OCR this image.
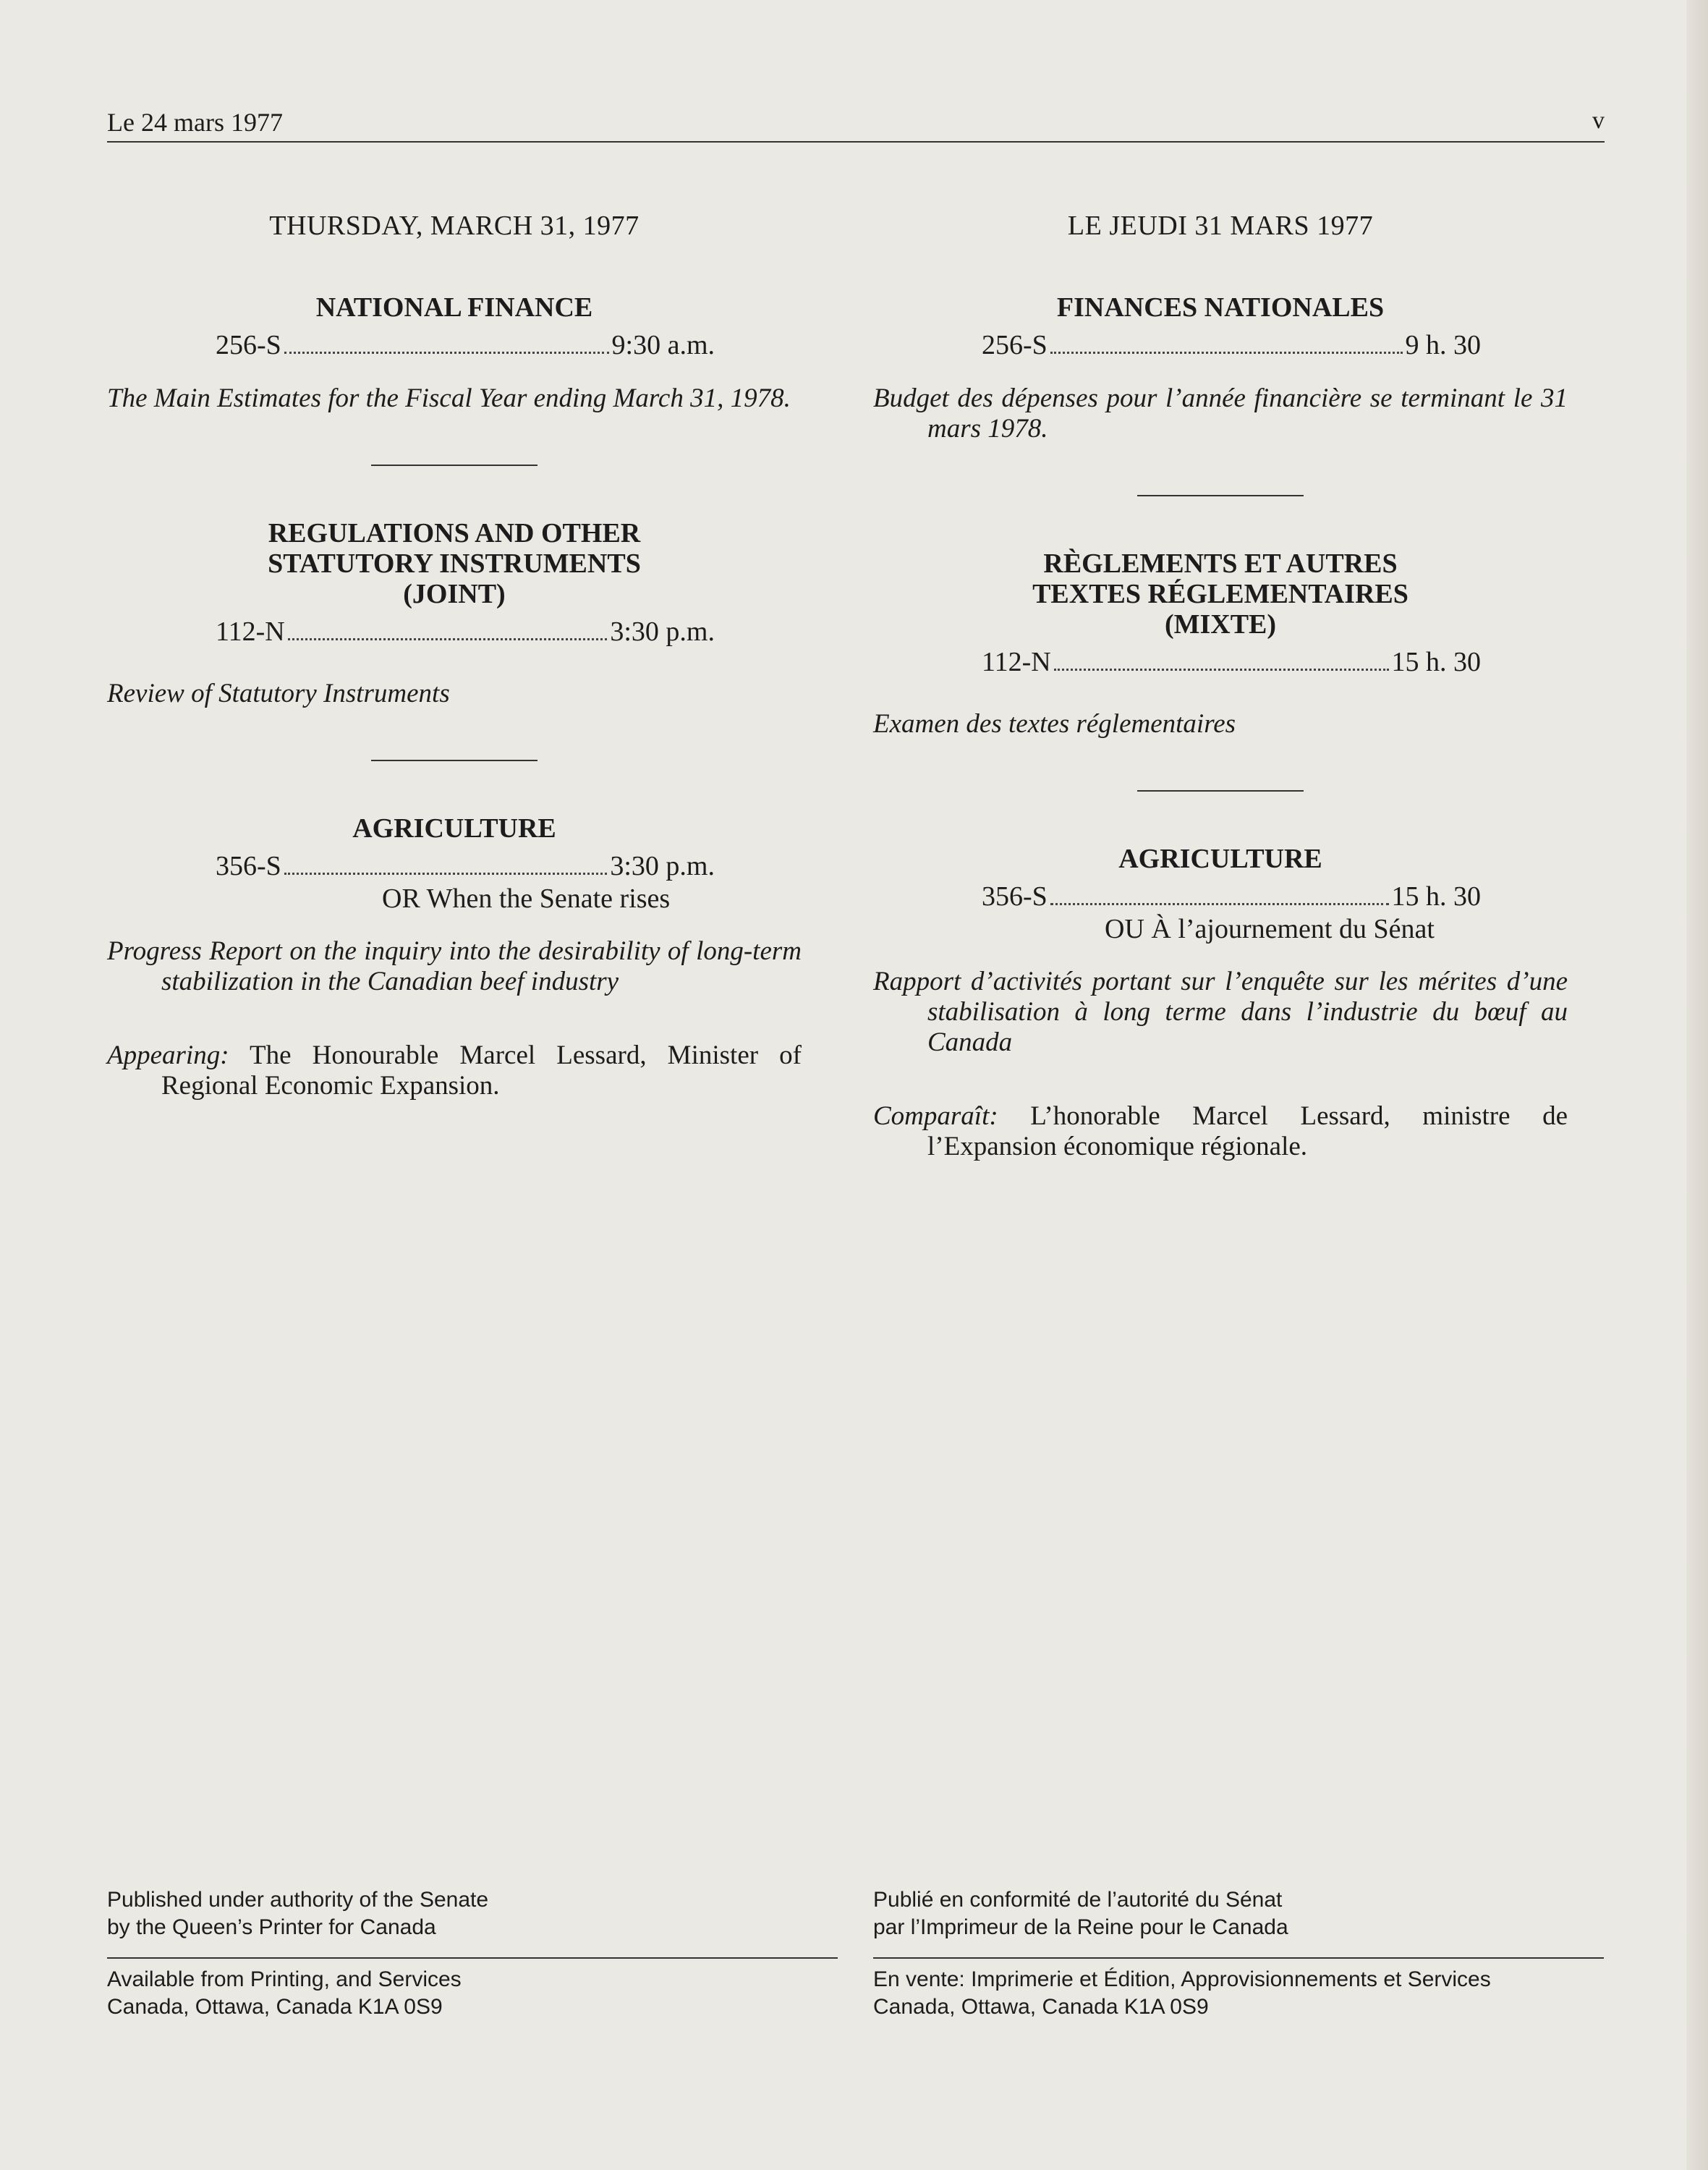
Le 24 mars 1977	v
THURSDAY, MARCH 31, 1977
NATIONAL FINANCE
256-S	9:30 a.m.
The Main Estimates for the Fiscal Year ending March 31, 1978.
REGULATIONS AND OTHER
STATUTORY INSTRUMENTS
(JOINT)
112-N	3:30 p.m.
Review of Statutory Instruments
AGRICULTURE
356-S	3:30 p.m.
OR When the Senate rises
Progress Report on the inquiry into the desirability of long-term stabilization in the Canadian beef industry
Appearing: The Honourable Marcel Lessard, Minister of Regional Economic Expansion.
LE JEUDI 31 MARS 1977
FINANCES NATIONALES
256-S	9 h. 30
Budget des dépenses pour l’année financière se terminant le 31 mars 1978.
RÈGLEMENTS ET AUTRES
TEXTES RÉGLEMENTAIRES
(MIXTE)
112-N	15 h. 30
Examen des textes réglementaires
AGRICULTURE
356-S	15 h. 30
OU À l’ajournement du Sénat
Rapport d’activités portant sur l’enquête sur les mérites d’une stabilisation à long terme dans l’industrie du bœuf au Canada
Comparaît: L’honorable Marcel Lessard, ministre de l’Expansion économique régionale.
Published under authority of the Senate
by the Queen’s Printer for Canada
Available from Printing, and Services
Canada, Ottawa, Canada K1A 0S9
Publié en conformité de l’autorité du Sénat
par l’Imprimeur de la Reine pour le Canada
En vente: Imprimerie et Édition, Approvisionnements et Services
Canada, Ottawa, Canada K1A 0S9
